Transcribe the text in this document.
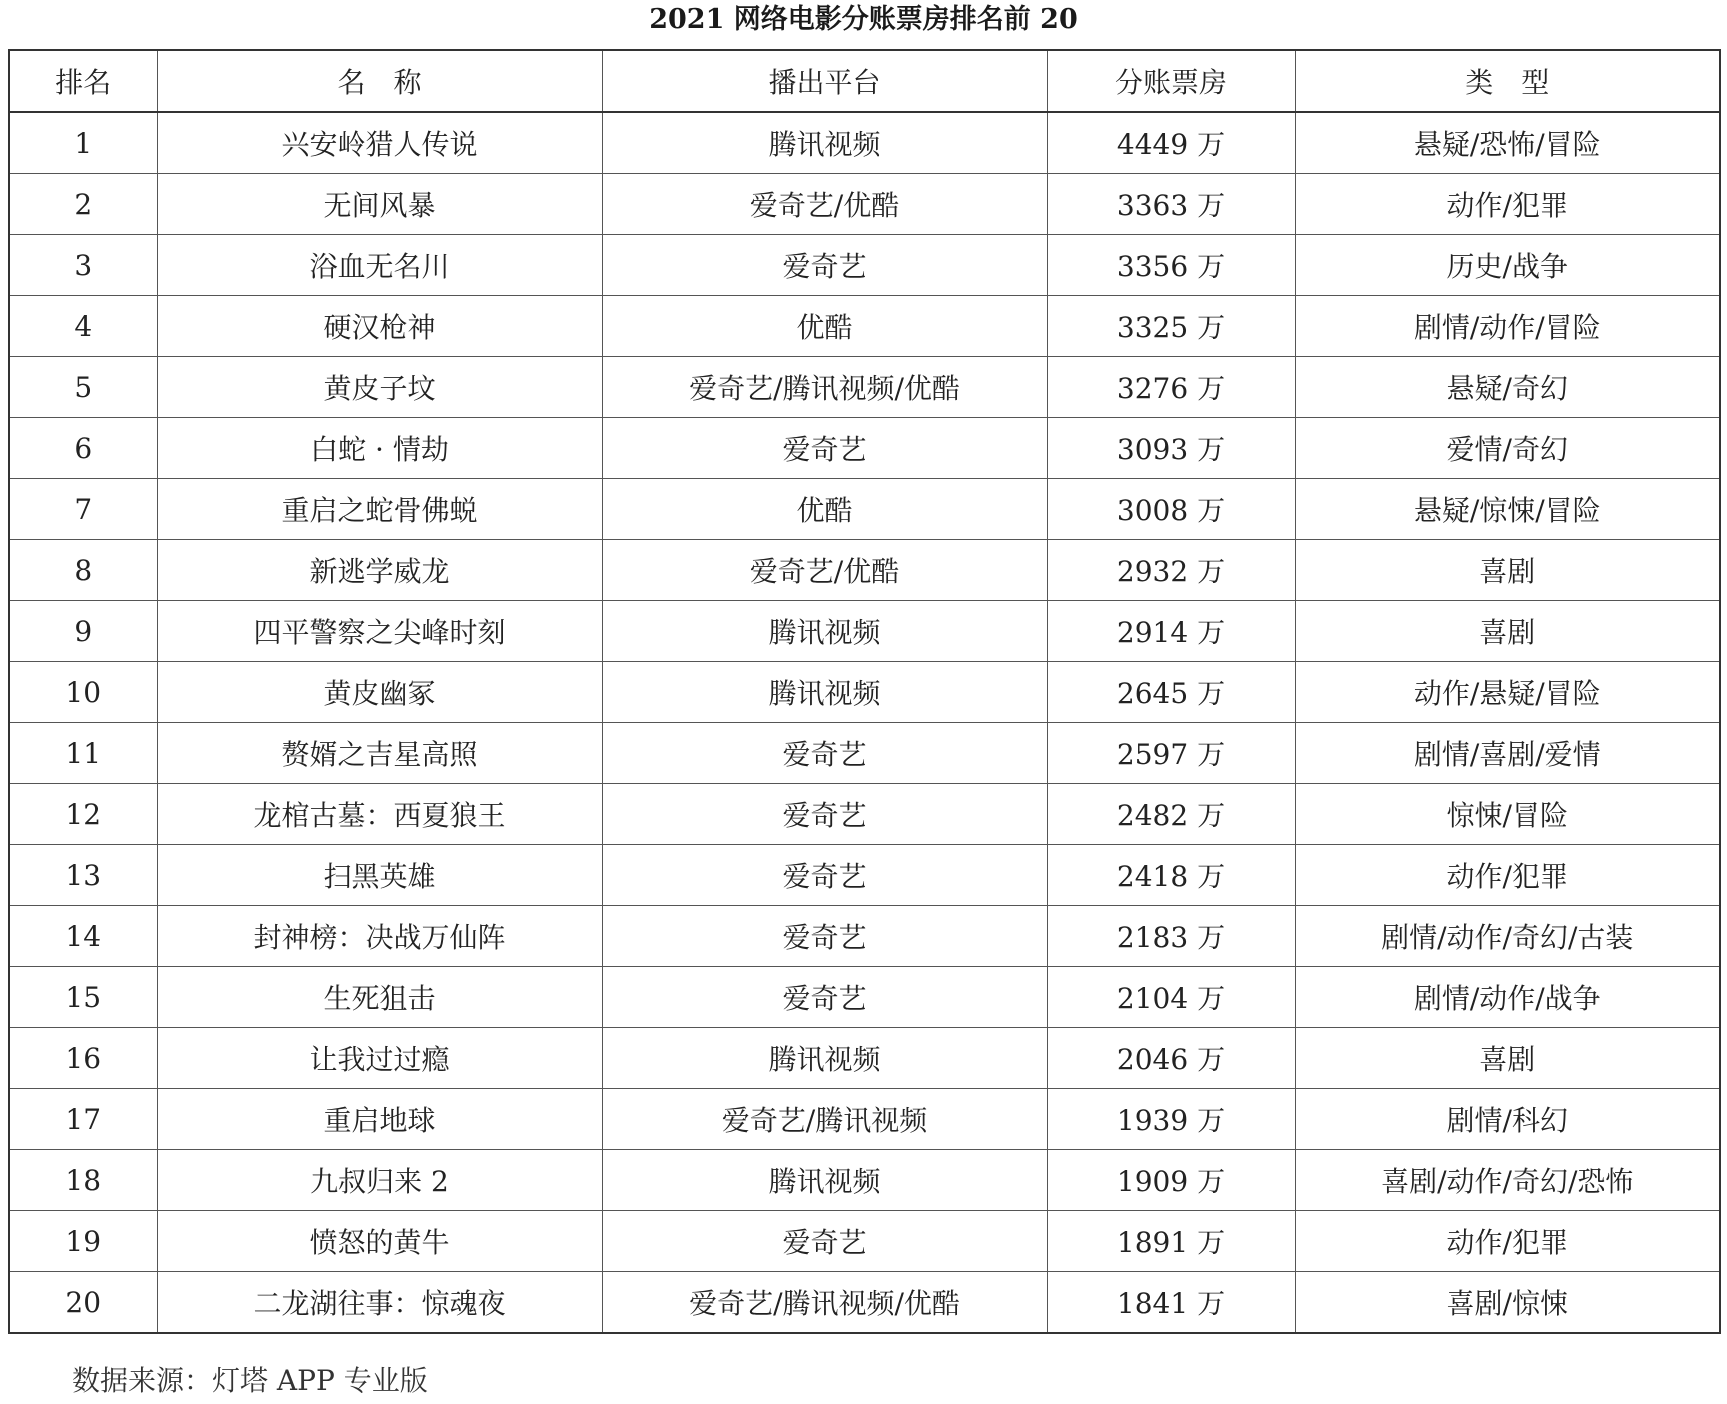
2021 网络电影分账票房排名前 20
排名	名　称	播出平台	分账票房	类　型
1	兴安岭猎人传说	腾讯视频	4449 万	悬疑/恐怖/冒险
2	无间风暴	爱奇艺/优酷	3363 万	动作/犯罪
3	浴血无名川	爱奇艺	3356 万	历史/战争
4	硬汉枪神	优酷	3325 万	剧情/动作/冒险
5	黄皮子坟	爱奇艺/腾讯视频/优酷	3276 万	悬疑/奇幻
6	白蛇 · 情劫	爱奇艺	3093 万	爱情/奇幻
7	重启之蛇骨佛蜕	优酷	3008 万	悬疑/惊悚/冒险
8	新逃学威龙	爱奇艺/优酷	2932 万	喜剧
9	四平警察之尖峰时刻	腾讯视频	2914 万	喜剧
10	黄皮幽冢	腾讯视频	2645 万	动作/悬疑/冒险
11	赘婿之吉星高照	爱奇艺	2597 万	剧情/喜剧/爱情
12	龙棺古墓：西夏狼王	爱奇艺	2482 万	惊悚/冒险
13	扫黑英雄	爱奇艺	2418 万	动作/犯罪
14	封神榜：决战万仙阵	爱奇艺	2183 万	剧情/动作/奇幻/古装
15	生死狙击	爱奇艺	2104 万	剧情/动作/战争
16	让我过过瘾	腾讯视频	2046 万	喜剧
17	重启地球	爱奇艺/腾讯视频	1939 万	剧情/科幻
18	九叔归来 2	腾讯视频	1909 万	喜剧/动作/奇幻/恐怖
19	愤怒的黄牛	爱奇艺	1891 万	动作/犯罪
20	二龙湖往事：惊魂夜	爱奇艺/腾讯视频/优酷	1841 万	喜剧/惊悚
数据来源：灯塔 APP 专业版
